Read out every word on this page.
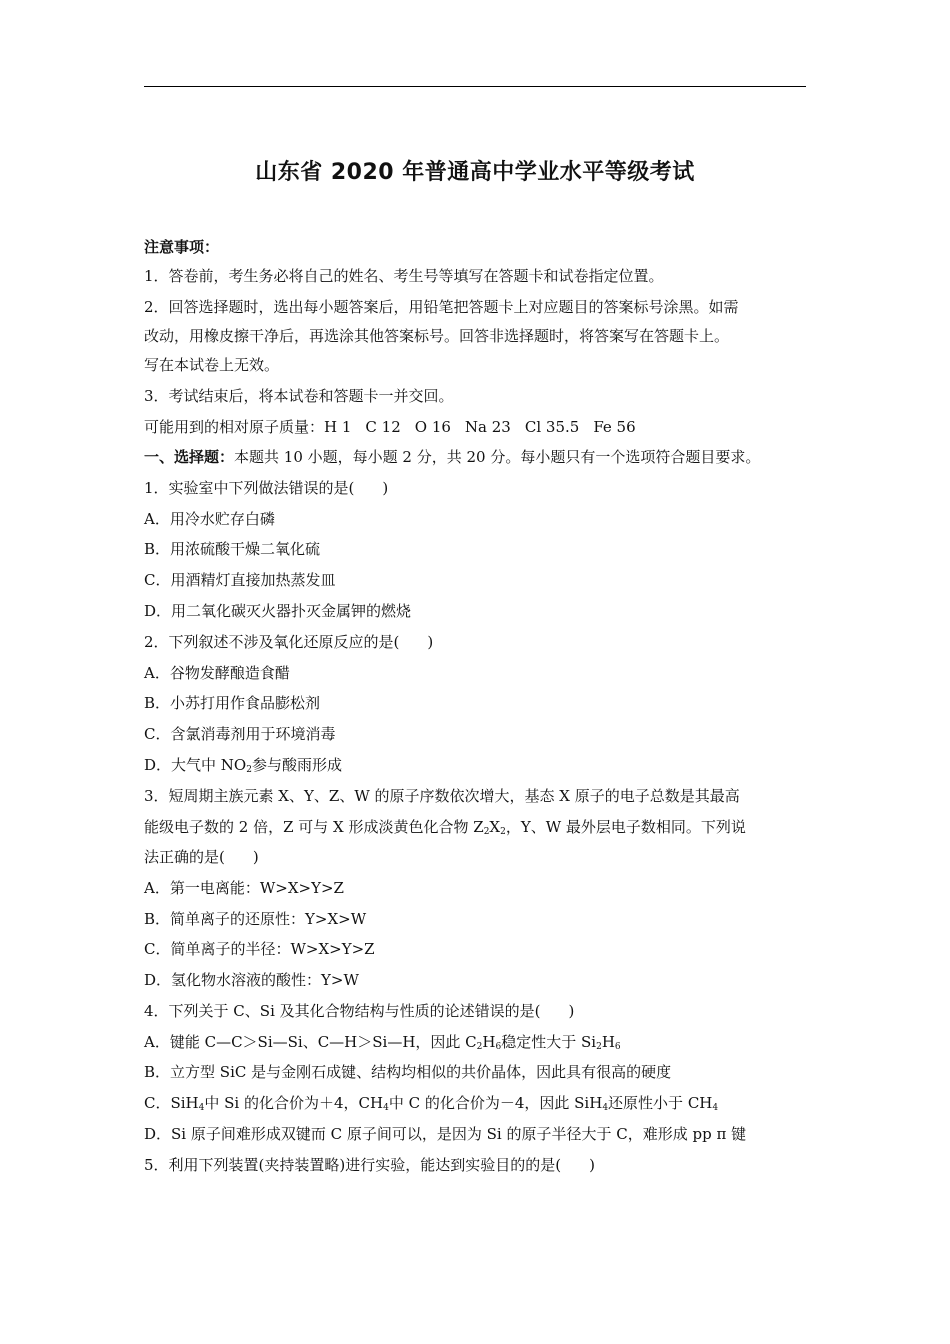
山东省 2020 年普通高中学业水平等级考试
注意事项：
1．答卷前，考生务必将自己的姓名、考生号等填写在答题卡和试卷指定位置。
2．回答选择题时，选出每小题答案后，用铅笔把答题卡上对应题目的答案标号涂黑。如需
改动，用橡皮擦干净后，再选涂其他答案标号。回答非选择题时，将答案写在答题卡上。
写在本试卷上无效。
3．考试结束后，将本试卷和答题卡一并交回。
可能用到的相对原子质量：H 1 C 12 O 16 Na 23 Cl 35.5 Fe 56
一、选择题：本题共 10 小题，每小题 2 分，共 20 分。每小题只有一个选项符合题目要求。
1．实验室中下列做法错误的是( )
A．用冷水贮存白磷
B．用浓硫酸干燥二氧化硫
C．用酒精灯直接加热蒸发皿
D．用二氧化碳灭火器扑灭金属钾的燃烧
2．下列叙述不涉及氧化还原反应的是( )
A．谷物发酵酿造食醋
B．小苏打用作食品膨松剂
C．含氯消毒剂用于环境消毒
D．大气中 $NO_2$参与酸雨形成
3．短周期主族元素 X、Y、Z、W 的原子序数依次增大，基态 X 原子的电子总数是其最高
能级电子数的 2 倍，Z 可与 X 形成淡黄色化合物 $Z_2X_2$，Y、W 最外层电子数相同。下列说
法正确的是( )
A．第一电离能：W>X>Y>Z
B．简单离子的还原性：Y>X>W
C．简单离子的半径：W>X>Y>Z
D．氢化物水溶液的酸性：Y>W
4．下列关于 C、Si 及其化合物结构与性质的论述错误的是( )
A．键能 C—C＞Si—Si、C—H＞Si—H，因此 $C_2H_6$稳定性大于 $Si_2H_6$
B．立方型 SiC 是与金刚石成键、结构均相似的共价晶体，因此具有很高的硬度
C．SiH$_4$中 Si 的化合价为＋4，$CH_4$中 C 的化合价为－4，因此 SiH$_4$还原性小于 $CH_4$
D．Si 原子间难形成双键而 C 原子间可以，是因为 Si 的原子半径大于 C，难形成 pp π 键
5．利用下列装置(夹持装置略)进行实验，能达到实验目的的是( )
